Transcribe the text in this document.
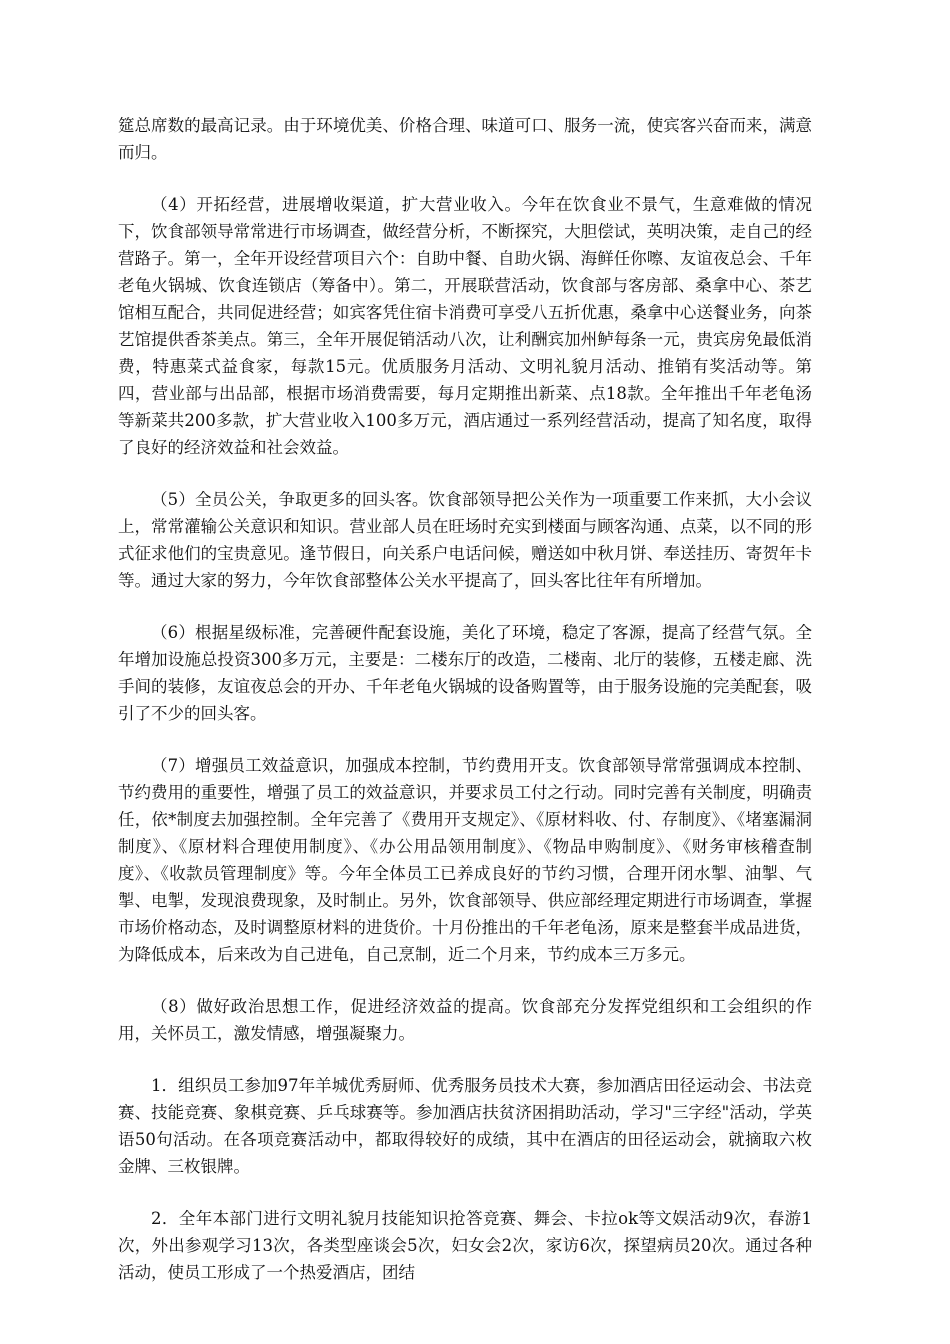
筵总席数的最高记录。由于环境优美、价格合理、味道可口、服务一流，使宾客兴奋而来，满意而归。

（4）开拓经营，进展增收渠道，扩大营业收入。今年在饮食业不景气，生意难做的情况下，饮食部领导常常进行市场调查，做经营分析，不断探究，大胆偿试，英明决策，走自己的经营路子。第一，全年开设经营项目六个：自助中餐、自助火锅、海鲜任你嚓、友谊夜总会、千年老龟火锅城、饮食连锁店（筹备中）。第二，开展联营活动，饮食部与客房部、桑拿中心、茶艺馆相互配合，共同促进经营；如宾客凭住宿卡消费可享受八五折优惠，桑拿中心送餐业务，向茶艺馆提供香茶美点。第三，全年开展促销活动八次，让利酬宾加州鲈每条一元，贵宾房免最低消费，特惠菜式益食家，每款15元。优质服务月活动、文明礼貌月活动、推销有奖活动等。第四，营业部与出品部，根据市场消费需要，每月定期推出新菜、点18款。全年推出千年老龟汤等新菜共200多款，扩大营业收入100多万元，酒店通过一系列经营活动，提高了知名度，取得了良好的经济效益和社会效益。

（5）全员公关，争取更多的回头客。饮食部领导把公关作为一项重要工作来抓，大小会议上，常常灌输公关意识和知识。营业部人员在旺场时充实到楼面与顾客沟通、点菜，以不同的形式征求他们的宝贵意见。逢节假日，向关系户电话问候，赠送如中秋月饼、奉送挂历、寄贺年卡等。通过大家的努力，今年饮食部整体公关水平提高了，回头客比往年有所增加。

（6）根据星级标准，完善硬件配套设施，美化了环境，稳定了客源，提高了经营气氛。全年增加设施总投资300多万元，主要是：二楼东厅的改造，二楼南、北厅的装修，五楼走廊、洗手间的装修，友谊夜总会的开办、千年老龟火锅城的设备购置等，由于服务设施的完美配套，吸引了不少的回头客。

（7）增强员工效益意识，加强成本控制，节约费用开支。饮食部领导常常强调成本控制、节约费用的重要性，增强了员工的效益意识，并要求员工付之行动。同时完善有关制度，明确责任，依*制度去加强控制。全年完善了《费用开支规定》、《原材料收、付、存制度》、《堵塞漏洞制度》、《原材料合理使用制度》、《办公用品领用制度》、《物品申购制度》、《财务审核稽查制度》、《收款员管理制度》等。今年全体员工已养成良好的节约习惯，合理开闭水掣、油掣、气掣、电掣，发现浪费现象，及时制止。另外，饮食部领导、供应部经理定期进行市场调查，掌握市场价格动态，及时调整原材料的进货价。十月份推出的千年老龟汤，原来是整套半成品进货，为降低成本，后来改为自己进龟，自己烹制，近二个月来，节约成本三万多元。

（8）做好政治思想工作，促进经济效益的提高。饮食部充分发挥党组织和工会组织的作用，关怀员工，激发情感，增强凝聚力。

1．组织员工参加97年羊城优秀厨师、优秀服务员技术大赛，参加酒店田径运动会、书法竞赛、技能竞赛、象棋竞赛、乒乓球赛等。参加酒店扶贫济困捐助活动，学习"三字经"活动，学英语50句活动。在各项竞赛活动中，都取得较好的成绩，其中在酒店的田径运动会，就摘取六枚金牌、三枚银牌。

2．全年本部门进行文明礼貌月技能知识抢答竞赛、舞会、卡拉ok等文娱活动9次，春游1次，外出参观学习13次，各类型座谈会5次，妇女会2次，家访6次，探望病员20次。通过各种活动，使员工形成了一个热爱酒店，团结
